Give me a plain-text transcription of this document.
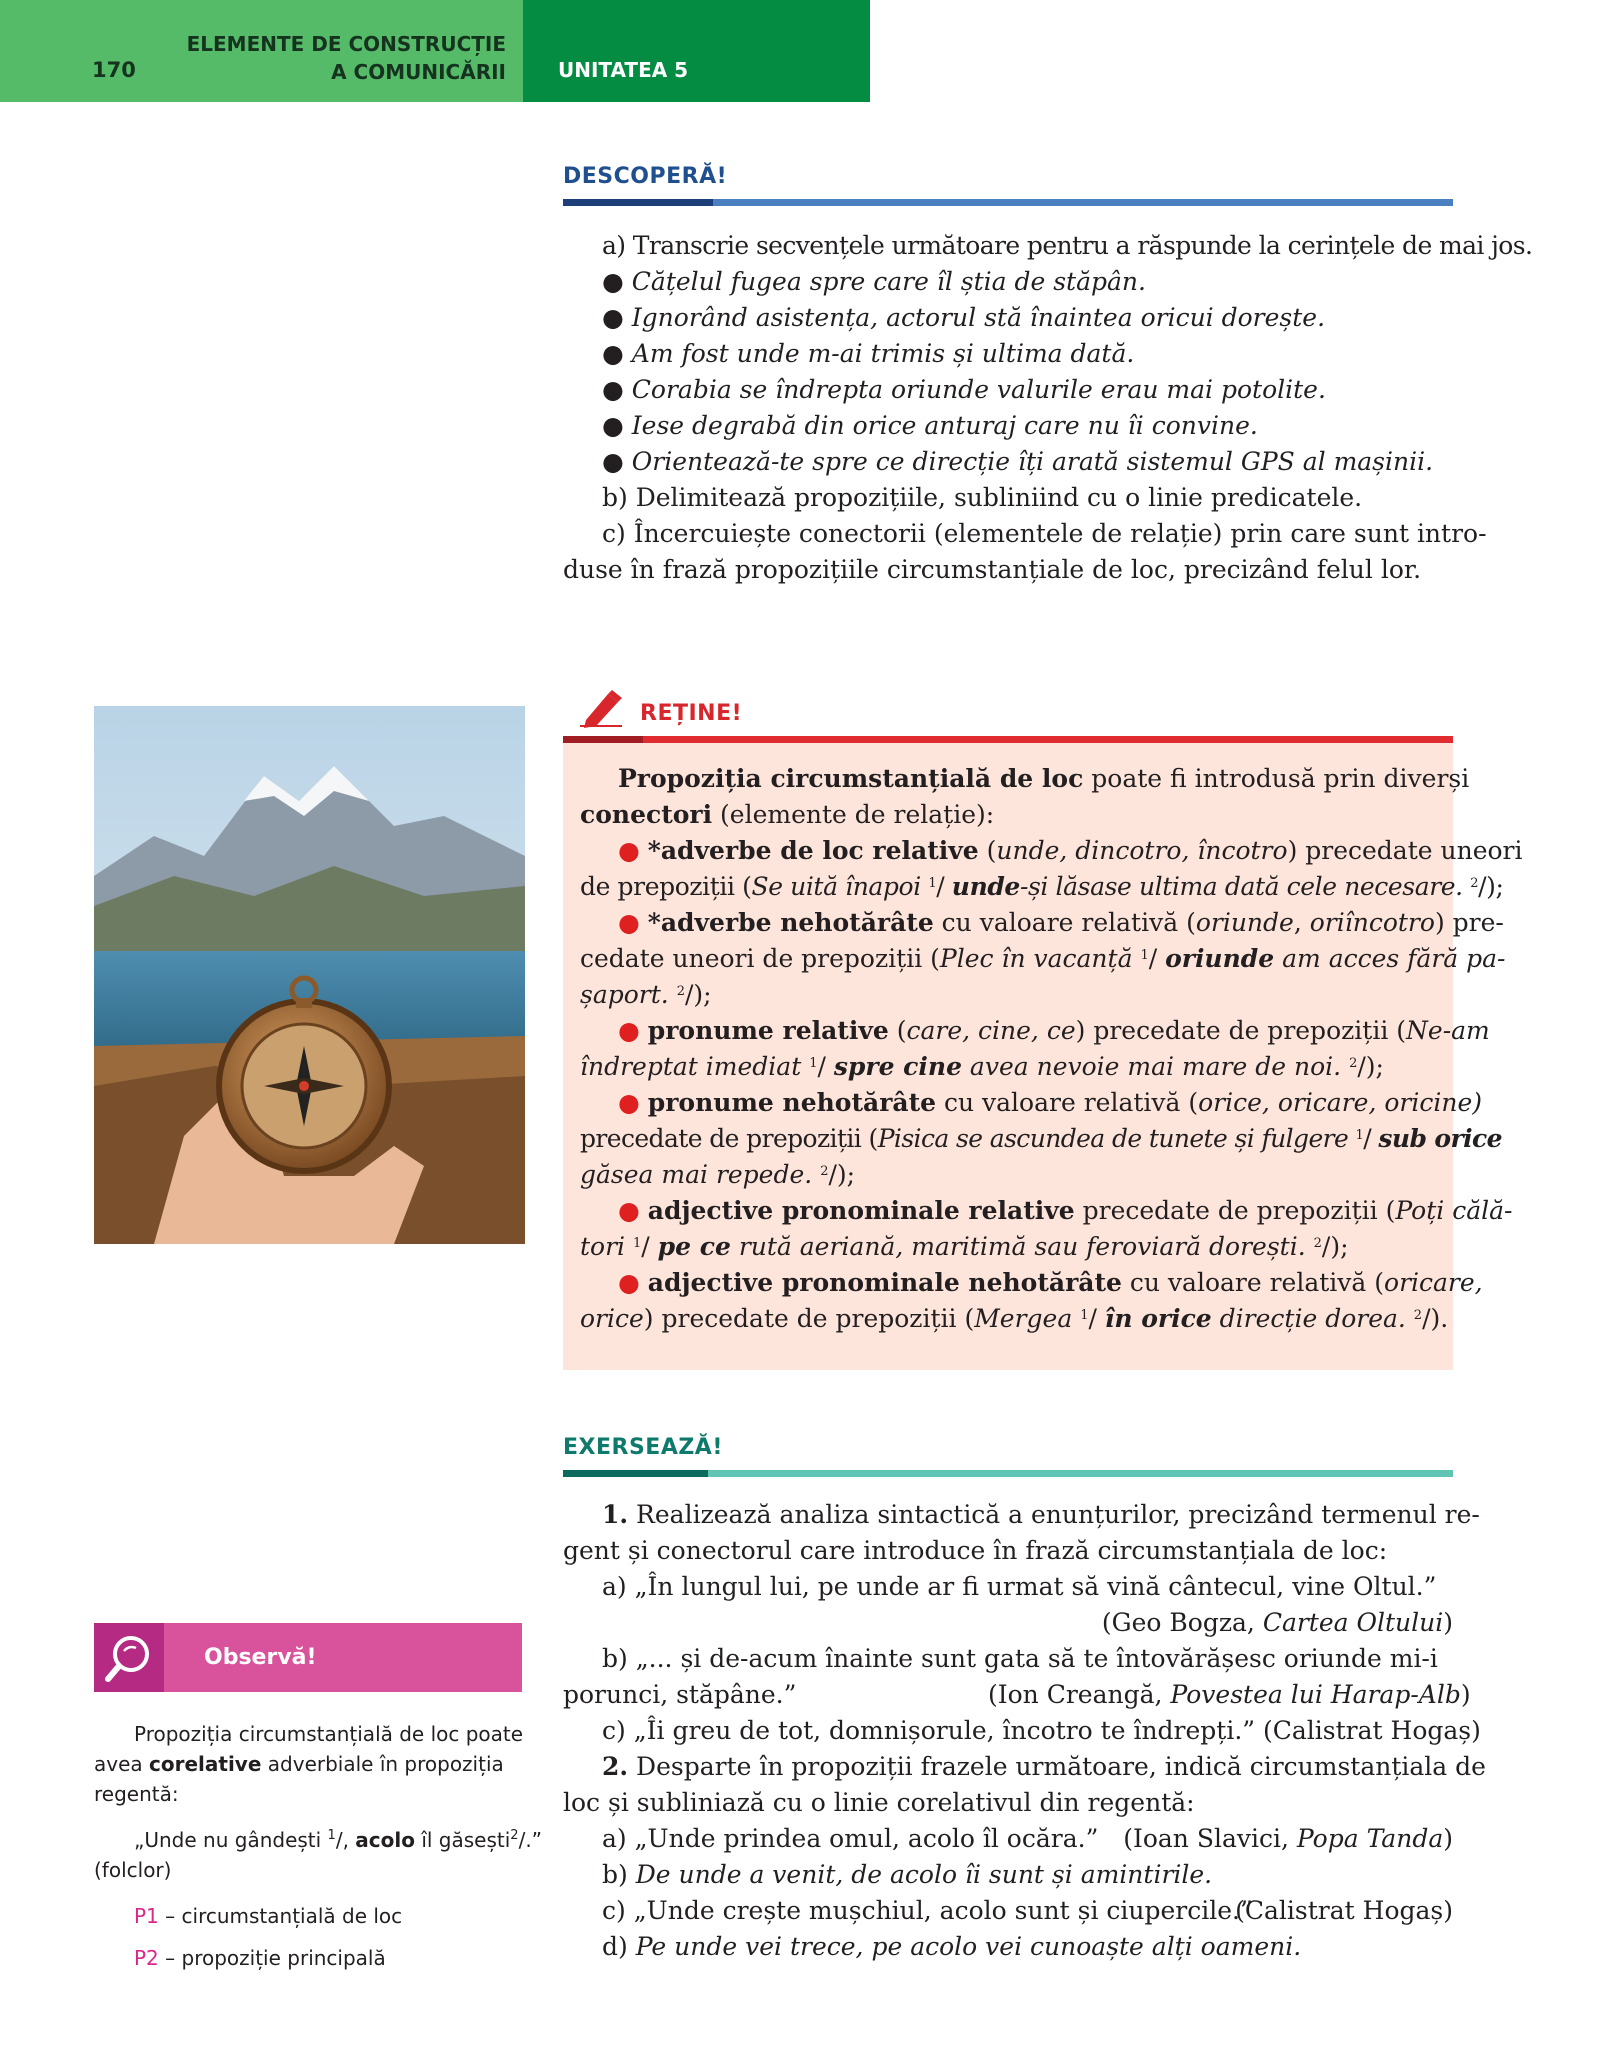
170
ELEMENTE DE CONSTRUCȚIE
A COMUNICĂRII	UNITATEA 5
DESCOPERĂ!
a) Transcrie secvențele următoare pentru a răspunde la cerințele de mai jos.
● Cățelul fugea spre care îl știa de stăpân.
● Ignorând asistența, actorul stă înaintea oricui dorește.
● Am fost unde m-ai trimis și ultima dată.
● Corabia se îndrepta oriunde valurile erau mai potolite.
● Iese degrabă din orice anturaj care nu îi convine.
● Orientează-te spre ce direcție îți arată sistemul GPS al mașinii.
b) Delimitează propozițiile, subliniind cu o linie predicatele.
c) Încercuiește conectorii (elementele de relație) prin care sunt intro-
duse în frază propozițiile circumstanțiale de loc, precizând felul lor.
REȚINE!
Propoziția circumstanțială de loc poate fi introdusă prin diverși
conectori (elemente de relație):
● *adverbe de loc relative (unde, dincotro, încotro) precedate uneori
de prepoziții (Se uită înapoi $^1$/ unde-și lăsase ultima dată cele necesare. $^2$/);
● *adverbe nehotărâte cu valoare relativă (oriunde, oriîncotro) pre-
cedate uneori de prepoziții (Plec în vacanță $^1$/ oriunde am acces fără pa-
șaport. $^2$/);
● pronume relative (care, cine, ce) precedate de prepoziții (Ne-am
îndreptat imediat $^1$/ spre cine avea nevoie mai mare de noi. $^2$/);
● pronume nehotărâte cu valoare relativă (orice, oricare, oricine)
precedate de prepoziții (Pisica se ascundea de tunete și fulgere $^1$/ sub orice
găsea mai repede. $^2$/);
● adjective pronominale relative precedate de prepoziții (Poți călă-
tori $^1$/ pe ce rută aeriană, maritimă sau feroviară dorești. $^2$/);
● adjective pronominale nehotărâte cu valoare relativă (oricare,
orice) precedate de prepoziții (Mergea $^1$/ în orice direcție dorea. $^2$/).
EXERSEAZĂ!
1. Realizează analiza sintactică a enunțurilor, precizând termenul re-
gent și conectorul care introduce în frază circumstanțiala de loc:
a) „În lungul lui, pe unde ar fi urmat să vină cântecul, vine Oltul.”
(Geo Bogza, Cartea Oltului)
b) „... și de-acum înainte sunt gata să te întovărășesc oriunde mi-i
porunci, stăpâne.”	(Ion Creangă, Povestea lui Harap-Alb)
c) „Îi greu de tot, domnișorule, încotro te îndrepți.” (Calistrat Hogaș)
2. Desparte în propoziții frazele următoare, indică circumstanțiala de
loc și subliniază cu o linie corelativul din regentă:
a) „Unde prindea omul, acolo îl ocăra.” (Ioan Slavici, Popa Tanda)
b) De unde a venit, de acolo îi sunt și amintirile.
c) „Unde crește mușchiul, acolo sunt și ciupercile.”
(Calistrat Hogaș)
d) Pe unde vei trece, pe acolo vei cunoaște alți oameni.
Observă!
Propoziția circumstanțială de loc poate
avea corelative adverbiale în propoziția
regentă:
„Unde nu gândești $^1$/, acolo îl găsești$^2$/.”
(folclor)
P1 – circumstanțială de loc
P2 – propoziție principală
